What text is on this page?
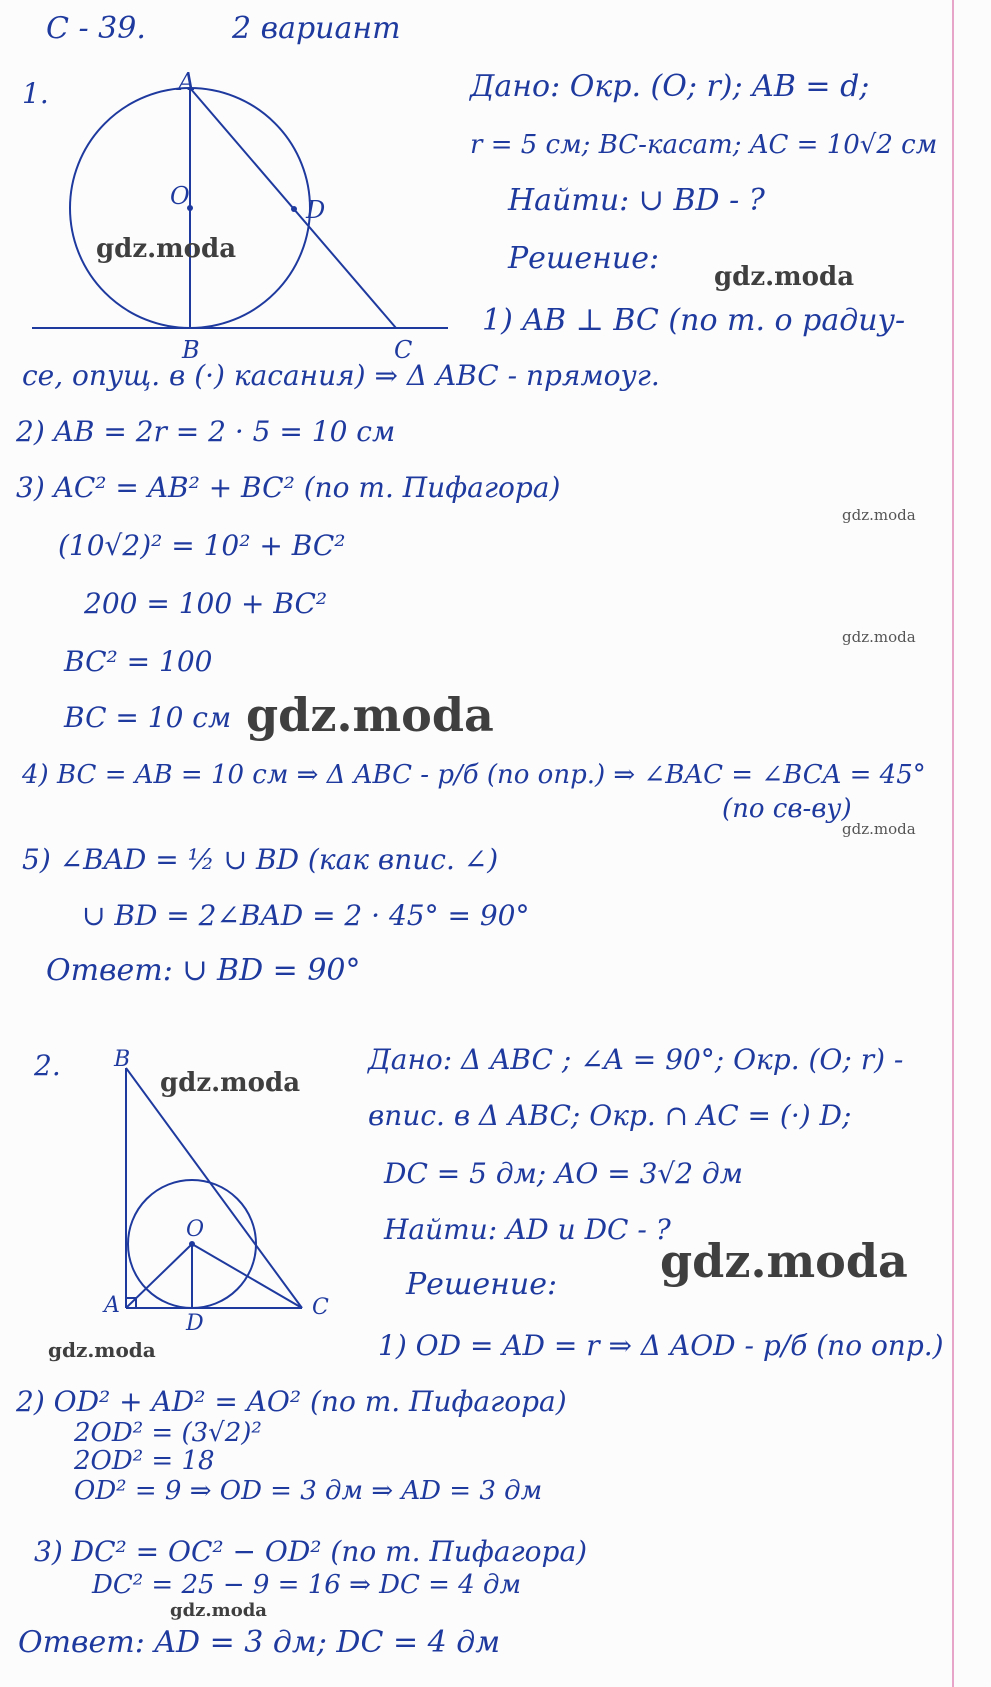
С - 39.	2 вариант
1.	A
O	D
B	C
Дано: Окр. (O; r); AB = d;
r = 5 см; BC-касат; AC = 10√2 см
Найти: ∪ BD - ?
Решение:
1) AB ⊥ BC (по т. о радиу-
се, опущ. в (·) касания) ⇒ Δ ABC - прямоуг.
2) AB = 2r = 2 · 5 = 10 см
3) AC² = AB² + BC² (по т. Пифагора)
(10√2)² = 10² + BC²
200 = 100 + BC²
BC² = 100
BC = 10 см
4) BC = AB = 10 см ⇒ Δ ABC - р/б (по опр.) ⇒ ∠BAC = ∠BCA = 45°
(по св-ву)
5) ∠BAD = ½ ∪ BD (как впис. ∠)
∪ BD = 2∠BAD = 2 · 45° = 90°
Ответ: ∪ BD = 90°
2. B
O
A
D
C
Дано: Δ ABC ; ∠A = 90°; Окр. (O; r) -
впис. в Δ ABC; Окр. ∩ AC = (·) D;
DC = 5 дм; AO = 3√2 дм
Найти: AD и DC - ?
Решение:
1) OD = AD = r ⇒ Δ AOD - р/б (по опр.)
2) OD² + AD² = AO² (по т. Пифагора)
2OD² = (3√2)²
2OD² = 18
OD² = 9 ⇒ OD = 3 дм ⇒ AD = 3 дм
3) DC² = OC² − OD² (по т. Пифагора)
DC² = 25 − 9 = 16 ⇒ DC = 4 дм
Ответ: AD = 3 дм; DC = 4 дм
gdz.moda
gdz.moda
gdz.moda
gdz.moda
gdz.moda
gdz.moda
gdz.moda
gdz.moda
gdz.moda
gdz.moda
